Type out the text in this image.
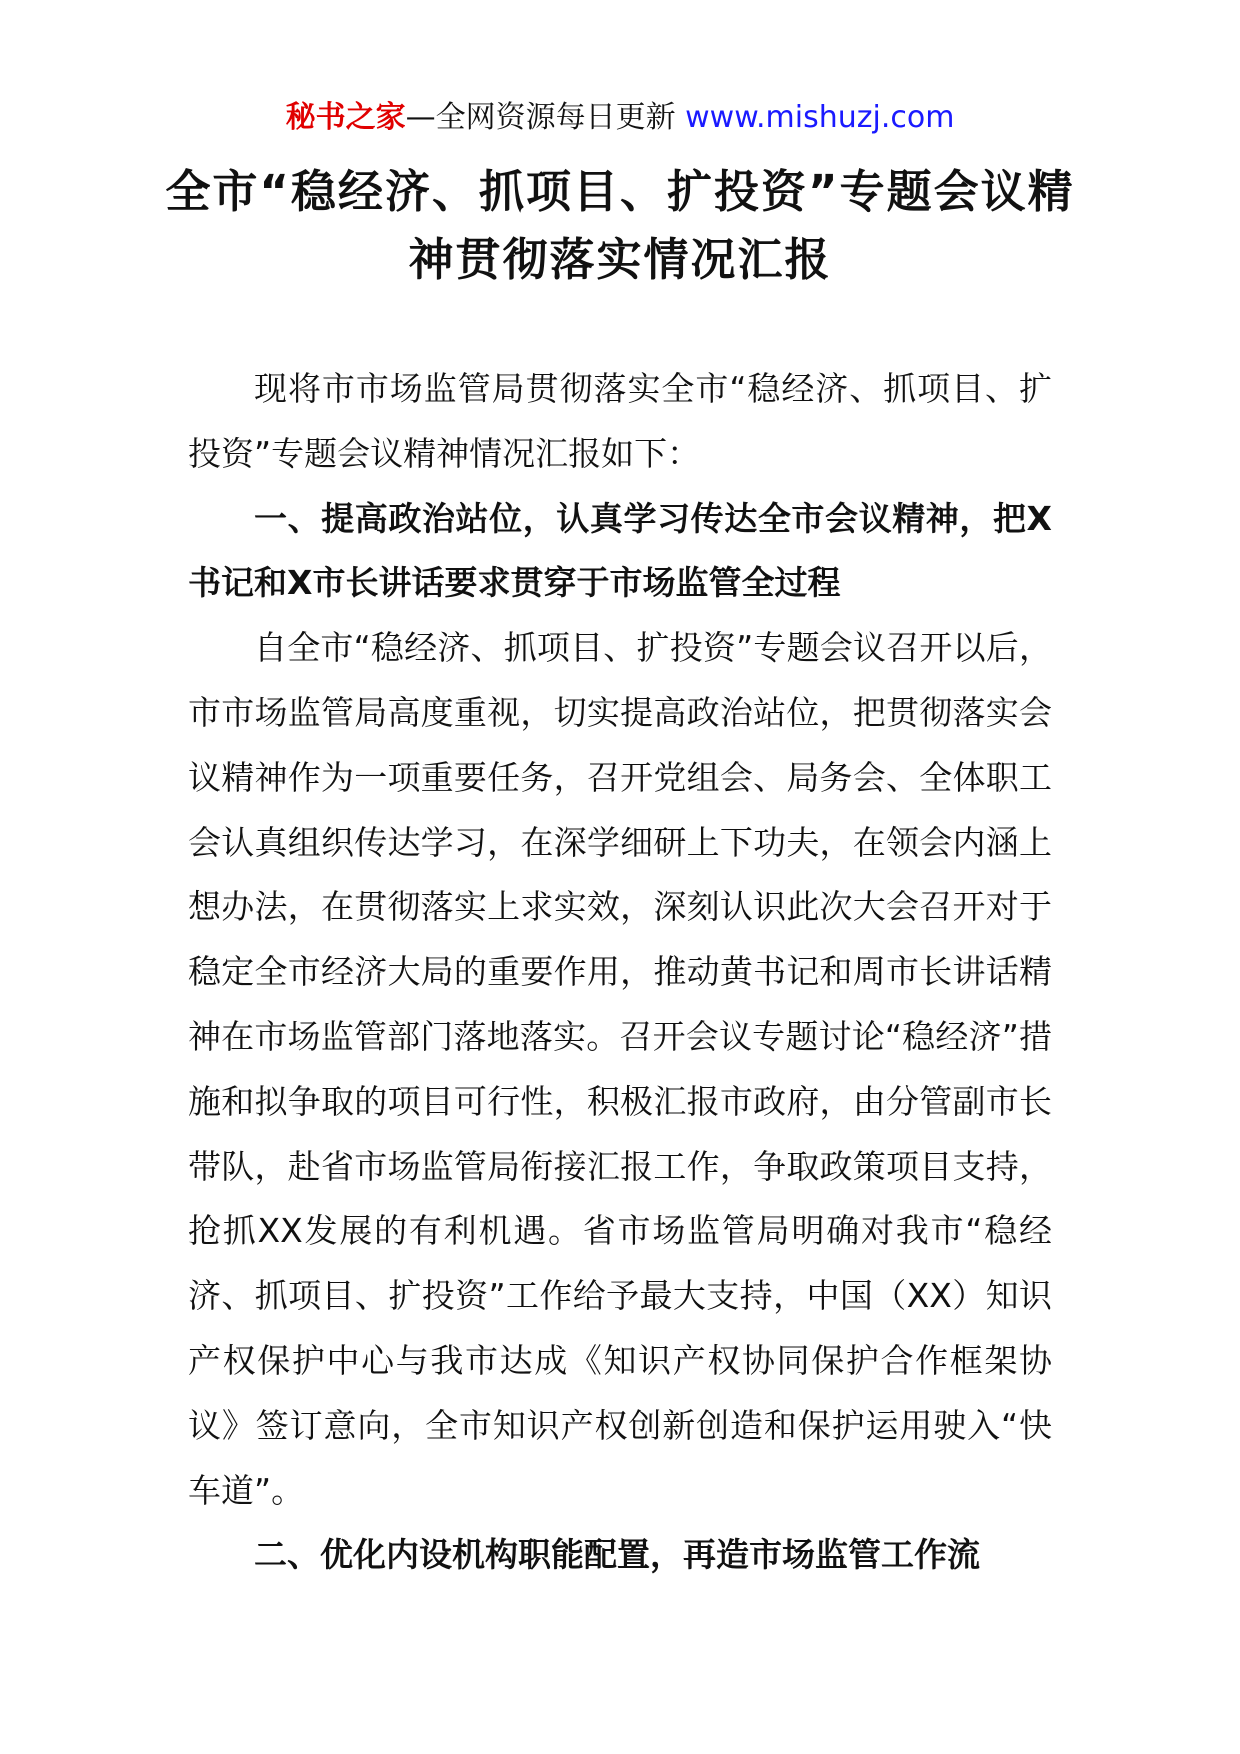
秘书之家—全网资源每日更新 www.mishuzj.com
全市“稳经济、抓项目、扩投资”专题会议精神贯彻落实情况汇报

现将市市场监管局贯彻落实全市“稳经济、抓项目、扩投资”专题会议精神情况汇报如下：

一、提高政治站位，认真学习传达全市会议精神，把X书记和X市长讲话要求贯穿于市场监管全过程

自全市“稳经济、抓项目、扩投资”专题会议召开以后，市市场监管局高度重视，切实提高政治站位，把贯彻落实会议精神作为一项重要任务，召开党组会、局务会、全体职工会认真组织传达学习，在深学细研上下功夫，在领会内涵上想办法，在贯彻落实上求实效，深刻认识此次大会召开对于稳定全市经济大局的重要作用，推动黄书记和周市长讲话精神在市场监管部门落地落实。召开会议专题讨论“稳经济”措施和拟争取的项目可行性，积极汇报市政府，由分管副市长带队，赴省市场监管局衔接汇报工作，争取政策项目支持，抢抓XX发展的有利机遇。省市场监管局明确对我市“稳经济、抓项目、扩投资”工作给予最大支持，中国（XX）知识产权保护中心与我市达成《知识产权协同保护合作框架协议》签订意向，全市知识产权创新创造和保护运用驶入“快车道”。

二、优化内设机构职能配置，再造市场监管工作流
